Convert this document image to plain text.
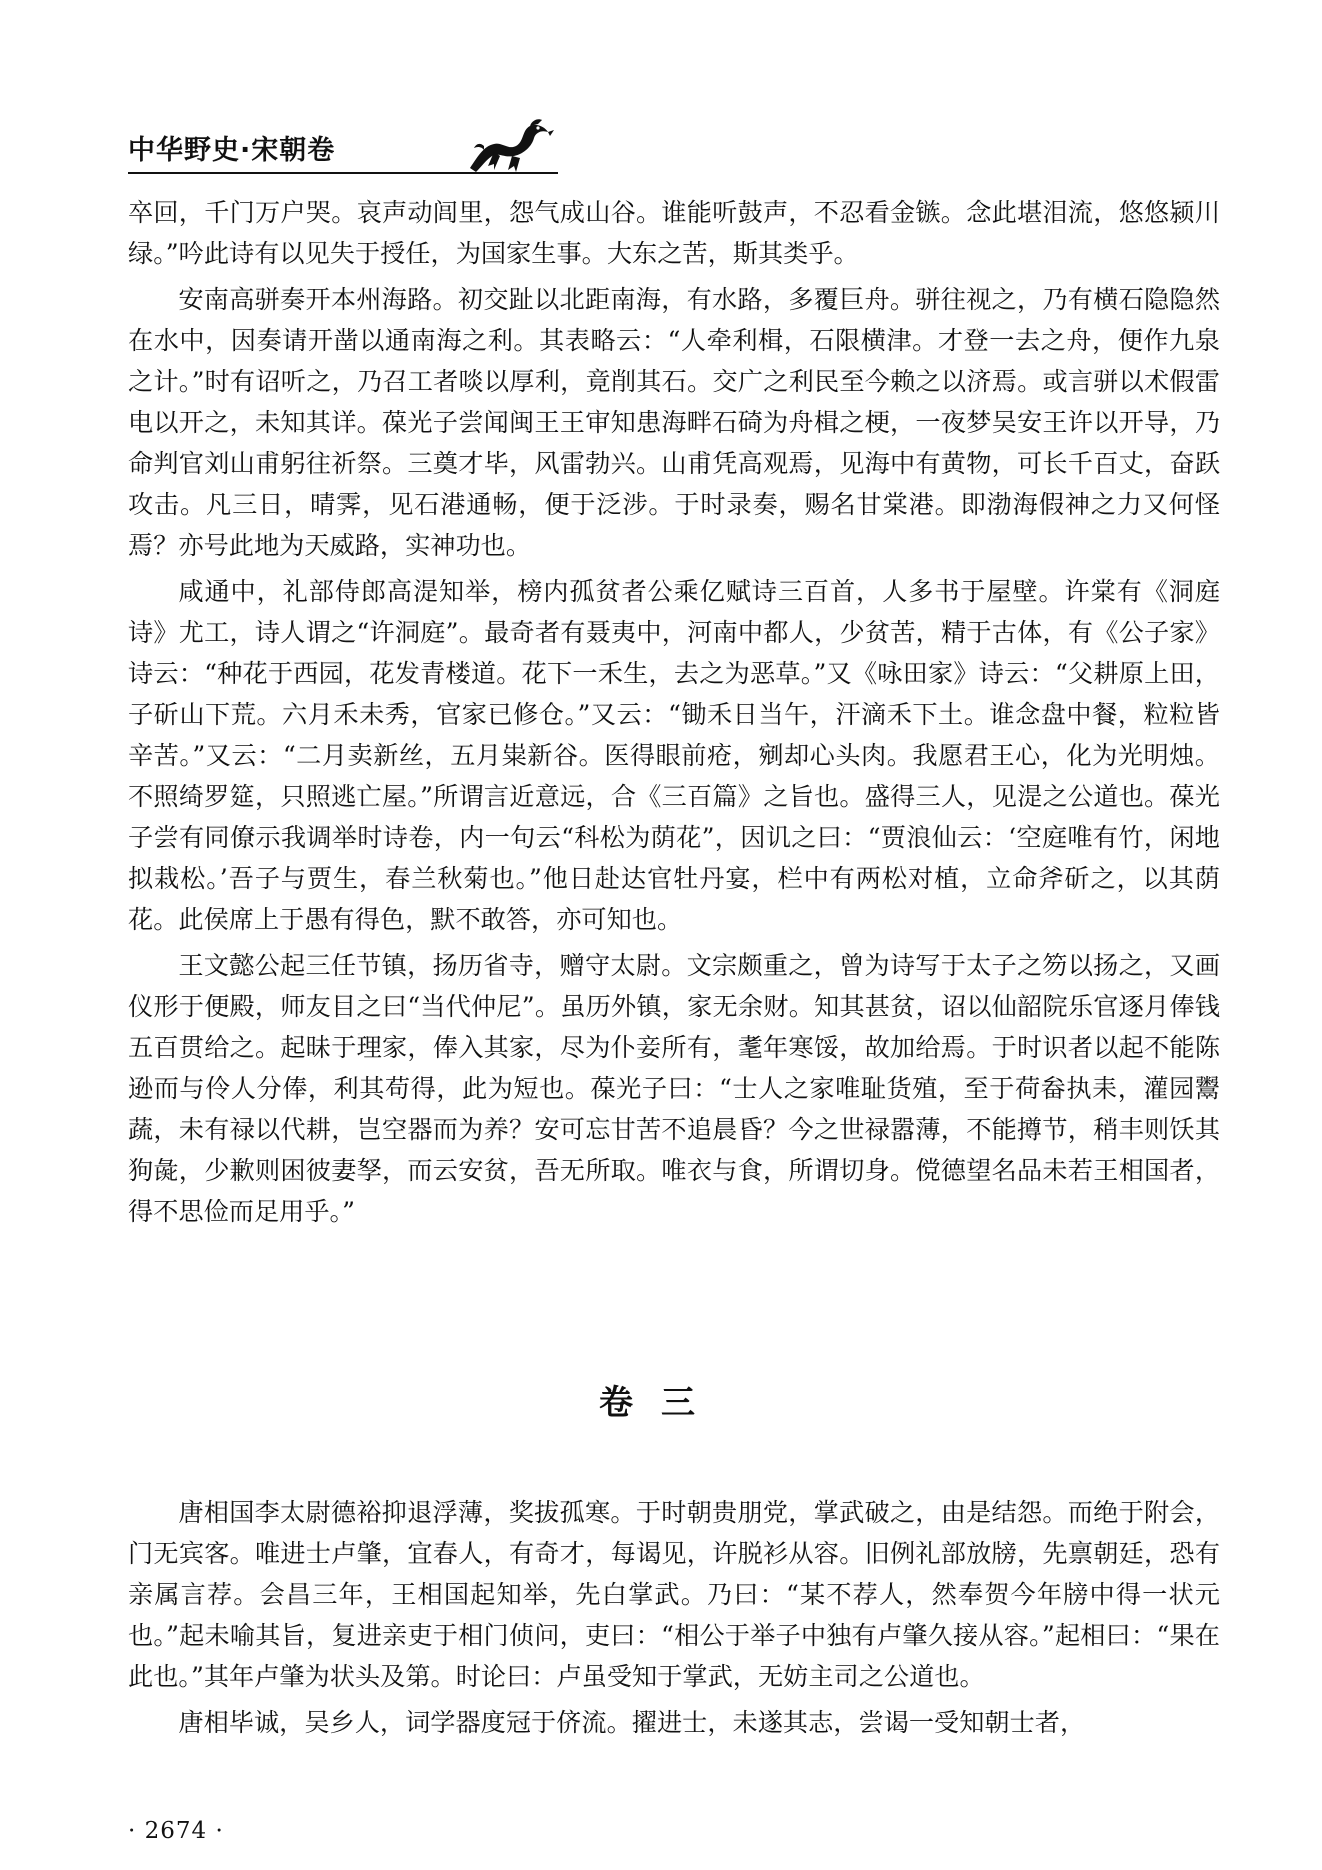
中华野史·宋朝卷

卒回，千门万户哭。哀声动闾里，怨气成山谷。谁能听鼓声，不忍看金镞。念此堪泪流，悠悠颍川绿。”吟此诗有以见失于授任，为国家生事。大东之苦，斯其类乎。

安南高骈奏开本州海路。初交趾以北距南海，有水路，多覆巨舟。骈往视之，乃有横石隐隐然在水中，因奏请开凿以通南海之利。其表略云：“人牵利楫，石限横津。才登一去之舟，便作九泉之计。”时有诏听之，乃召工者啖以厚利，竟削其石。交广之利民至今赖之以济焉。或言骈以术假雷电以开之，未知其详。葆光子尝闻闽王王审知患海畔石碕为舟楫之梗，一夜梦吴安王许以开导，乃命判官刘山甫躬往祈祭。三奠才毕，风雷勃兴。山甫凭高观焉，见海中有黄物，可长千百丈，奋跃攻击。凡三日，晴霁，见石港通畅，便于泛涉。于时录奏，赐名甘棠港。即渤海假神之力又何怪焉？亦号此地为天威路，实神功也。

咸通中，礼部侍郎高湜知举，榜内孤贫者公乘亿赋诗三百首，人多书于屋壁。许棠有《洞庭诗》尤工，诗人谓之“许洞庭”。最奇者有聂夷中，河南中都人，少贫苦，精于古体，有《公子家》诗云：“种花于西园，花发青楼道。花下一禾生，去之为恶草。”又《咏田家》诗云：“父耕原上田，子斫山下荒。六月禾未秀，官家已修仓。”又云：“锄禾日当午，汗滴禾下土。谁念盘中餐，粒粒皆辛苦。”又云：“二月卖新丝，五月粜新谷。医得眼前疮，剜却心头肉。我愿君王心，化为光明烛。不照绮罗筵，只照逃亡屋。”所谓言近意远，合《三百篇》之旨也。盛得三人，见湜之公道也。葆光子尝有同僚示我调举时诗卷，内一句云“科松为荫花”，因讥之曰：“贾浪仙云：‘空庭唯有竹，闲地拟栽松。’吾子与贾生，春兰秋菊也。”他日赴达官牡丹宴，栏中有两松对植，立命斧斫之，以其荫花。此侯席上于愚有得色，默不敢答，亦可知也。

王文懿公起三任节镇，扬历省寺，赠守太尉。文宗颇重之，曾为诗写于太子之笏以扬之，又画仪形于便殿，师友目之曰“当代仲尼”。虽历外镇，家无余财。知其甚贫，诏以仙韶院乐官逐月俸钱五百贯给之。起昧于理家，俸入其家，尽为仆妾所有，耄年寒馁，故加给焉。于时识者以起不能陈逊而与伶人分俸，利其苟得，此为短也。葆光子曰：“士人之家唯耻货殖，至于荷畚执耒，灌园鬻蔬，未有禄以代耕，岂空器而为养？安可忘甘苦不追晨昏？今之世禄嚣薄，不能撙节，稍丰则饫其狗彘，少歉则困彼妻孥，而云安贫，吾无所取。唯衣与食，所谓切身。傥德望名品未若王相国者，得不思俭而足用乎。”

卷三

唐相国李太尉德裕抑退浮薄，奖拔孤寒。于时朝贵朋党，掌武破之，由是结怨。而绝于附会，门无宾客。唯进士卢肇，宜春人，有奇才，每谒见，许脱衫从容。旧例礼部放牓，先禀朝廷，恐有亲属言荐。会昌三年，王相国起知举，先白掌武。乃曰：“某不荐人，然奉贺今年牓中得一状元也。”起未喻其旨，复进亲吏于相门侦问，吏曰：“相公于举子中独有卢肇久接从容。”起相曰：“果在此也。”其年卢肇为状头及第。时论曰：卢虽受知于掌武，无妨主司之公道也。

唐相毕诚，吴乡人，词学器度冠于侪流。擢进士，未遂其志，尝谒一受知朝士者，

· 2674 ·
